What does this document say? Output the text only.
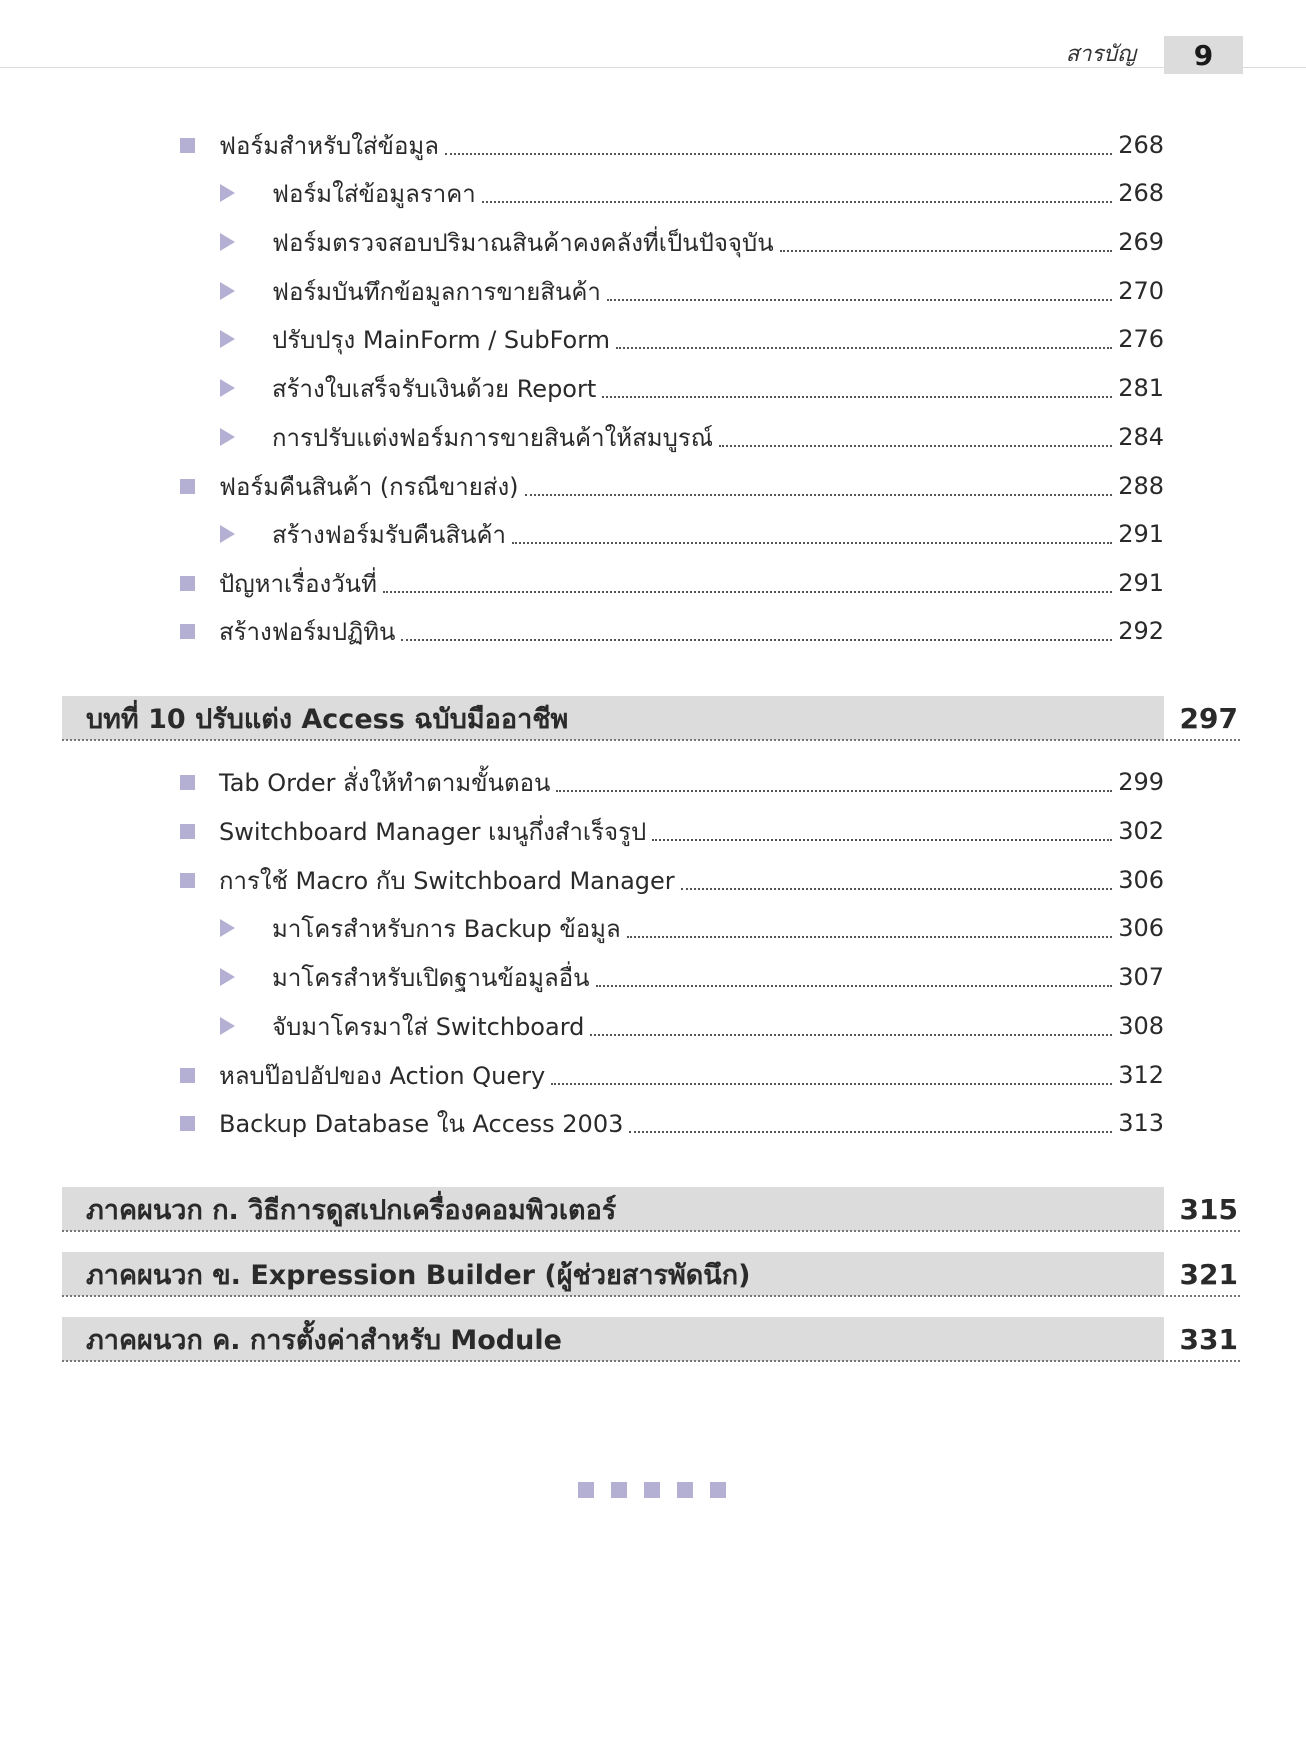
สารบัญ 9
ฟอร์มสำหรับใส่ข้อมูล	268
ฟอร์มใส่ข้อมูลราคา	268
ฟอร์มตรวจสอบปริมาณสินค้าคงคลังที่เป็นปัจจุบัน	269
ฟอร์มบันทึกข้อมูลการขายสินค้า	270
ปรับปรุง MainForm / SubForm	276
สร้างใบเสร็จรับเงินด้วย Report	281
การปรับแต่งฟอร์มการขายสินค้าให้สมบูรณ์	284
ฟอร์มคืนสินค้า (กรณีขายส่ง)	288
สร้างฟอร์มรับคืนสินค้า	291
ปัญหาเรื่องวันที่	291
สร้างฟอร์มปฏิทิน	292
บทที่ 10 ปรับแต่ง Access ฉบับมืออาชีพ	297
Tab Order สั่งให้ทำตามขั้นตอน	299
Switchboard Manager เมนูกึ่งสำเร็จรูป	302
การใช้ Macro กับ Switchboard Manager	306
มาโครสำหรับการ Backup ข้อมูล	306
มาโครสำหรับเปิดฐานข้อมูลอื่น	307
จับมาโครมาใส่ Switchboard	308
หลบป๊อปอัปของ Action Query	312
Backup Database ใน Access 2003	313
ภาคผนวก ก. วิธีการดูสเปกเครื่องคอมพิวเตอร์	315
ภาคผนวก ข. Expression Builder (ผู้ช่วยสารพัดนึก)	321
ภาคผนวก ค. การตั้งค่าสำหรับ Module	331
